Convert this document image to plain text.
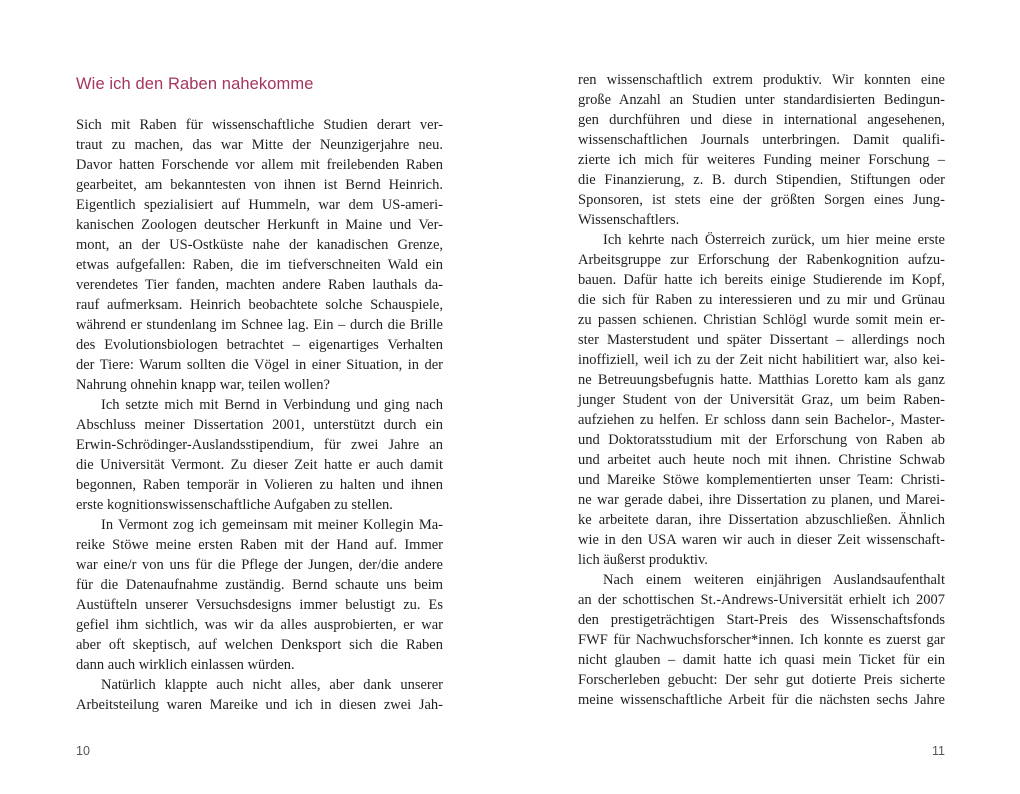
Wie ich den Raben nahekomme

Sich mit Raben für wissenschaftliche Studien derart ver-
traut zu machen, das war Mitte der Neunzigerjahre neu.
Davor hatten Forschende vor allem mit freilebenden Raben
gearbeitet, am bekanntesten von ihnen ist Bernd Heinrich.
Eigentlich spezialisiert auf Hummeln, war dem US-ameri-
kanischen Zoologen deutscher Herkunft in Maine und Ver-
mont, an der US-Ostküste nahe der kanadischen Grenze,
etwas aufgefallen: Raben, die im tiefverschneiten Wald ein
verendetes Tier fanden, machten andere Raben lauthals da-
rauf aufmerksam. Heinrich beobachtete solche Schauspiele,
während er stundenlang im Schnee lag. Ein – durch die Brille
des Evolutionsbiologen betrachtet – eigenartiges Verhalten
der Tiere: Warum sollten die Vögel in einer Situation, in der
Nahrung ohnehin knapp war, teilen wollen?

Ich setzte mich mit Bernd in Verbindung und ging nach
Abschluss meiner Dissertation 2001, unterstützt durch ein
Erwin-Schrödinger-Auslandsstipendium, für zwei Jahre an
die Universität Vermont. Zu dieser Zeit hatte er auch damit
begonnen, Raben temporär in Volieren zu halten und ihnen
erste kognitionswissenschaftliche Aufgaben zu stellen.

In Vermont zog ich gemeinsam mit meiner Kollegin Ma-
reike Stöwe meine ersten Raben mit der Hand auf. Immer
war eine/r von uns für die Pflege der Jungen, der/die andere
für die Datenaufnahme zuständig. Bernd schaute uns beim
Austüfteln unserer Versuchsdesigns immer belustigt zu. Es
gefiel ihm sichtlich, was wir da alles ausprobierten, er war
aber oft skeptisch, auf welchen Denksport sich die Raben
dann auch wirklich einlassen würden.

Natürlich klappte auch nicht alles, aber dank unserer
Arbeitsteilung waren Mareike und ich in diesen zwei Jah-

ren wissenschaftlich extrem produktiv. Wir konnten eine
große Anzahl an Studien unter standardisierten Bedingun-
gen durchführen und diese in international angesehenen,
wissenschaftlichen Journals unterbringen. Damit qualifi-
zierte ich mich für weiteres Funding meiner Forschung –
die Finanzierung, z. B. durch Stipendien, Stiftungen oder
Sponsoren, ist stets eine der größten Sorgen eines Jung-
Wissenschaftlers.

Ich kehrte nach Österreich zurück, um hier meine erste
Arbeitsgruppe zur Erforschung der Rabenkognition aufzu-
bauen. Dafür hatte ich bereits einige Studierende im Kopf,
die sich für Raben zu interessieren und zu mir und Grünau
zu passen schienen. Christian Schlögl wurde somit mein er-
ster Masterstudent und später Dissertant – allerdings noch
inoffiziell, weil ich zu der Zeit nicht habilitiert war, also kei-
ne Betreuungsbefugnis hatte. Matthias Loretto kam als ganz
junger Student von der Universität Graz, um beim Raben-
aufziehen zu helfen. Er schloss dann sein Bachelor-, Master-
und Doktoratsstudium mit der Erforschung von Raben ab
und arbeitet auch heute noch mit ihnen. Christine Schwab
und Mareike Stöwe komplementierten unser Team: Christi-
ne war gerade dabei, ihre Dissertation zu planen, und Marei-
ke arbeitete daran, ihre Dissertation abzuschließen. Ähnlich
wie in den USA waren wir auch in dieser Zeit wissenschaft-
lich äußerst produktiv.

Nach einem weiteren einjährigen Auslandsaufenthalt
an der schottischen St.-Andrews-Universität erhielt ich 2007
den prestigeträchtigen Start-Preis des Wissenschaftsfonds
FWF für Nachwuchsforscher*innen. Ich konnte es zuerst gar
nicht glauben – damit hatte ich quasi mein Ticket für ein
Forscherleben gebucht: Der sehr gut dotierte Preis sicherte
meine wissenschaftliche Arbeit für die nächsten sechs Jahre

10	11
